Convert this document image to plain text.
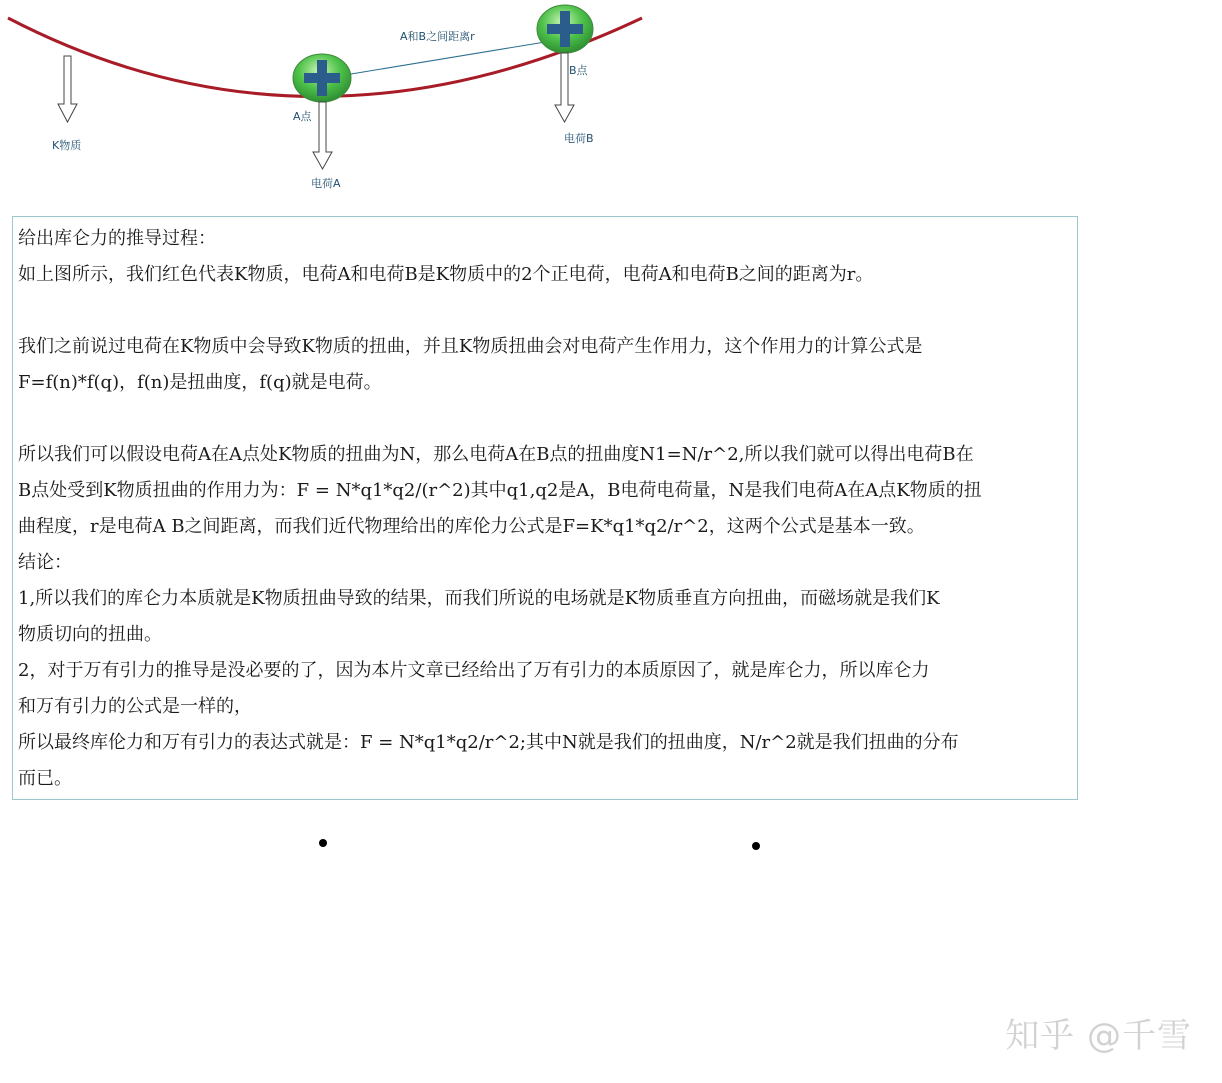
A和B之间距离r
K物质
A点
电荷A
B点
电荷B

给出库仑力的推导过程：

如上图所示，我们红色代表K物质，电荷A和电荷B是K物质中的2个正电荷，电荷A和电荷B之间的距离为r。

我们之前说过电荷在K物质中会导致K物质的扭曲，并且K物质扭曲会对电荷产生作用力，这个作用力的计算公式是

F=f(n)*f(q)，f(n)是扭曲度，f(q)就是电荷。

所以我们可以假设电荷A在A点处K物质的扭曲为N，那么电荷A在B点的扭曲度N1=N/r^2,所以我们就可以得出电荷B在

B点处受到K物质扭曲的作用力为：F = N*q1*q2/(r^2)其中q1,q2是A，B电荷电荷量，N是我们电荷A在A点K物质的扭

曲程度，r是电荷A B之间距离，而我们近代物理给出的库伦力公式是F=K*q1*q2/r^2，这两个公式是基本一致。

结论：

1,所以我们的库仑力本质就是K物质扭曲导致的结果，而我们所说的电场就是K物质垂直方向扭曲，而磁场就是我们K

物质切向的扭曲。

2，对于万有引力的推导是没必要的了，因为本片文章已经给出了万有引力的本质原因了，就是库仑力，所以库仑力

和万有引力的公式是一样的，

所以最终库伦力和万有引力的表达式就是：F = N*q1*q2/r^2;其中N就是我们的扭曲度，N/r^2就是我们扭曲的分布

而已。

知乎 @千雪
